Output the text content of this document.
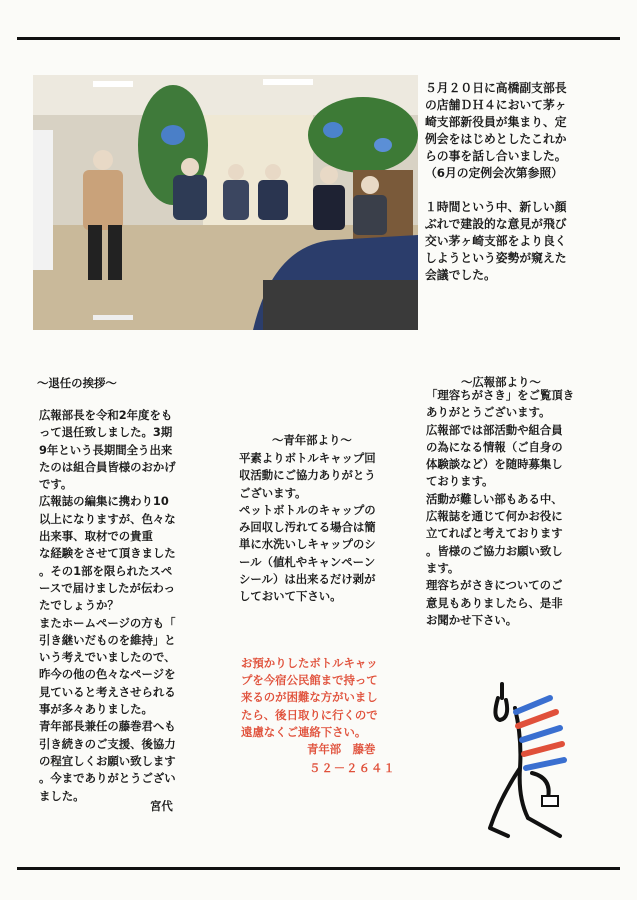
５月２０日に高橋副支部長
の店舗ＤＨ４において茅ヶ
崎支部新役員が集まり、定
例会をはじめとしたこれか
らの事を話し合いました。
（6月の定例会次第参照）
１時間という中、新しい顔
ぶれで建設的な意見が飛び
交い茅ヶ崎支部をより良く
しようという姿勢が窺えた
会議でした。
～退任の挨拶～	～広報部より～
～青年部より～
広報部長を令和2年度をも
って退任致しました。3期
9年という長期間全う出来
たのは組合員皆様のおかげ
です。
広報誌の編集に携わり10
以上になりますが、色々な
出来事、取材での貴重
な経験をさせて頂きました
。その1部を限られたスペ
ースで届けましたが伝わっ
たでしょうか？
またホームページの方も「
引き継いだものを維持」と
いう考えでいましたので、
昨今の他の色々なページを
見ていると考えさせられる
事が多々ありました。
青年部長兼任の藤巻君へも
引き続きのご支援、後協力
の程宜しくお願い致します
。今までありがとうござい
ました。
宮代
平素よりボトルキャップ回
収活動にご協力ありがとう
ございます。
ペットボトルのキャップの
み回収し汚れてる場合は簡
単に水洗いしキャップのシ
ール（値札やキャンペーン
シール）は出来るだけ剥が
しておいて下さい。
お預かりしたボトルキャッ
プを今宿公民館まで持って
来るのが困難な方がいまし
たら、後日取りに行くので
遠慮なくご連絡下さい。
青年部　藤巻
５２－２６４１
「理容ちがさき」をご覧頂き
ありがとうございます。
広報部では部活動や組合員
の為になる情報（ご自身の
体験談など）を随時募集し
ております。
活動が難しい部もある中、
広報誌を通じて何かお役に
立てればと考えております
。皆様のご協力お願い致し
ます。
理容ちがさきについてのご
意見もありましたら、是非
お聞かせ下さい。
